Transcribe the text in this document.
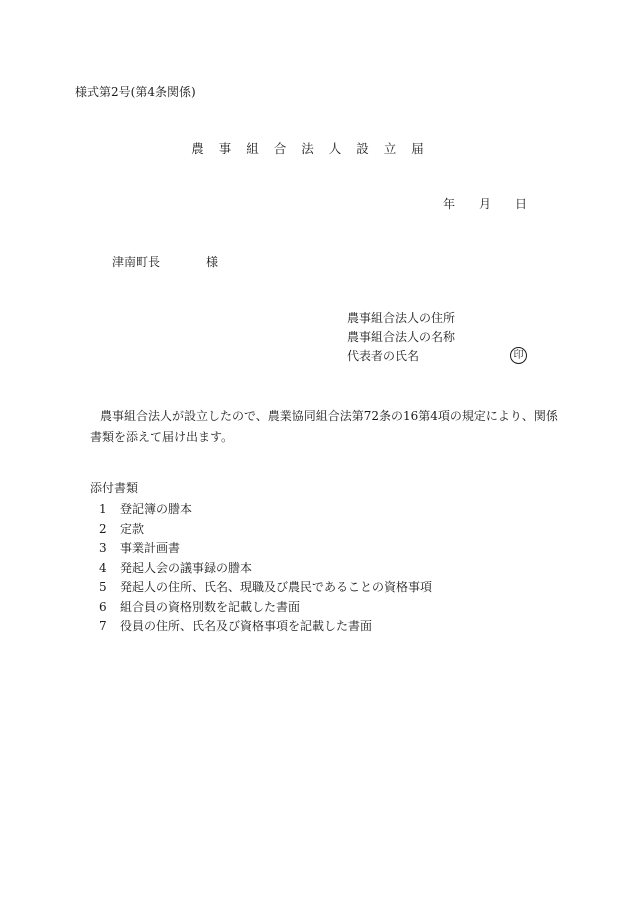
様式第2号(第4条関係)
農事組合法人設立届
年 月 日
津南町長	様
農事組合法人の住所
農事組合法人の名称
代表者の氏名	印
農事組合法人が設立したので、農業協同組合法第72条の16第4項の規定により、関係
書類を添えて届け出ます。
添付書類
1 登記簿の謄本
2 定款
3 事業計画書
4 発起人会の議事録の謄本
5 発起人の住所、氏名、現職及び農民であることの資格事項
6 組合員の資格別数を記載した書面
7 役員の住所、氏名及び資格事項を記載した書面
